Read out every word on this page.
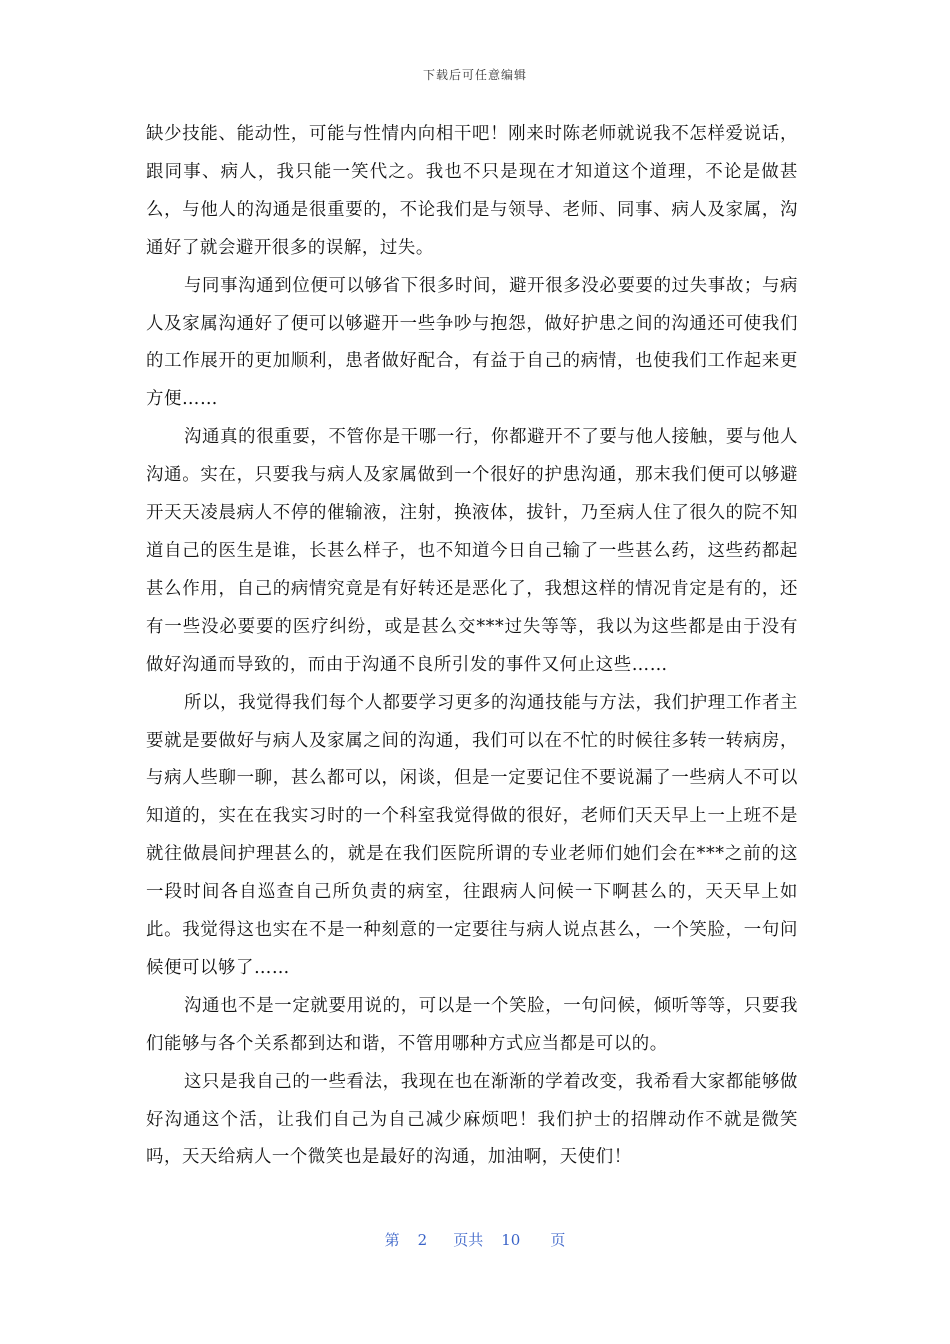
下载后可任意编辑

缺少技能、能动性，可能与性情内向相干吧！刚来时陈老师就说我不怎样爱说话，跟同事、病人，我只能一笑代之。我也不只是现在才知道这个道理，不论是做甚么，与他人的沟通是很重要的，不论我们是与领导、老师、同事、病人及家属，沟通好了就会避开很多的误解，过失。

与同事沟通到位便可以够省下很多时间，避开很多没必要要的过失事故；与病人及家属沟通好了便可以够避开一些争吵与抱怨，做好护患之间的沟通还可使我们的工作展开的更加顺利，患者做好配合，有益于自己的病情，也使我们工作起来更方便……

沟通真的很重要，不管你是干哪一行，你都避开不了要与他人接触，要与他人沟通。实在，只要我与病人及家属做到一个很好的护患沟通，那末我们便可以够避开天天凌晨病人不停的催输液，注射，换液体，拔针，乃至病人住了很久的院不知道自己的医生是谁，长甚么样子，也不知道今日自己输了一些甚么药，这些药都起甚么作用，自己的病情究竟是有好转还是恶化了，我想这样的情况肯定是有的，还有一些没必要要的医疗纠纷，或是甚么交***过失等等，我以为这些都是由于没有做好沟通而导致的，而由于沟通不良所引发的事件又何止这些……

所以，我觉得我们每个人都要学习更多的沟通技能与方法，我们护理工作者主要就是要做好与病人及家属之间的沟通，我们可以在不忙的时候往多转一转病房，与病人些聊一聊，甚么都可以，闲谈，但是一定要记住不要说漏了一些病人不可以知道的，实在在我实习时的一个科室我觉得做的很好，老师们天天早上一上班不是就往做晨间护理甚么的，就是在我们医院所谓的专业老师们她们会在***之前的这一段时间各自巡查自己所负责的病室，往跟病人问候一下啊甚么的，天天早上如此。我觉得这也实在不是一种刻意的一定要往与病人说点甚么，一个笑脸，一句问候便可以够了……

沟通也不是一定就要用说的，可以是一个笑脸，一句问候，倾听等等，只要我们能够与各个关系都到达和谐，不管用哪种方式应当都是可以的。

这只是我自己的一些看法，我现在也在渐渐的学着改变，我希看大家都能够做好沟通这个活，让我们自己为自己减少麻烦吧！我们护士的招牌动作不就是微笑吗，天天给病人一个微笑也是最好的沟通，加油啊，天使们！

第 2 页共 10 页
